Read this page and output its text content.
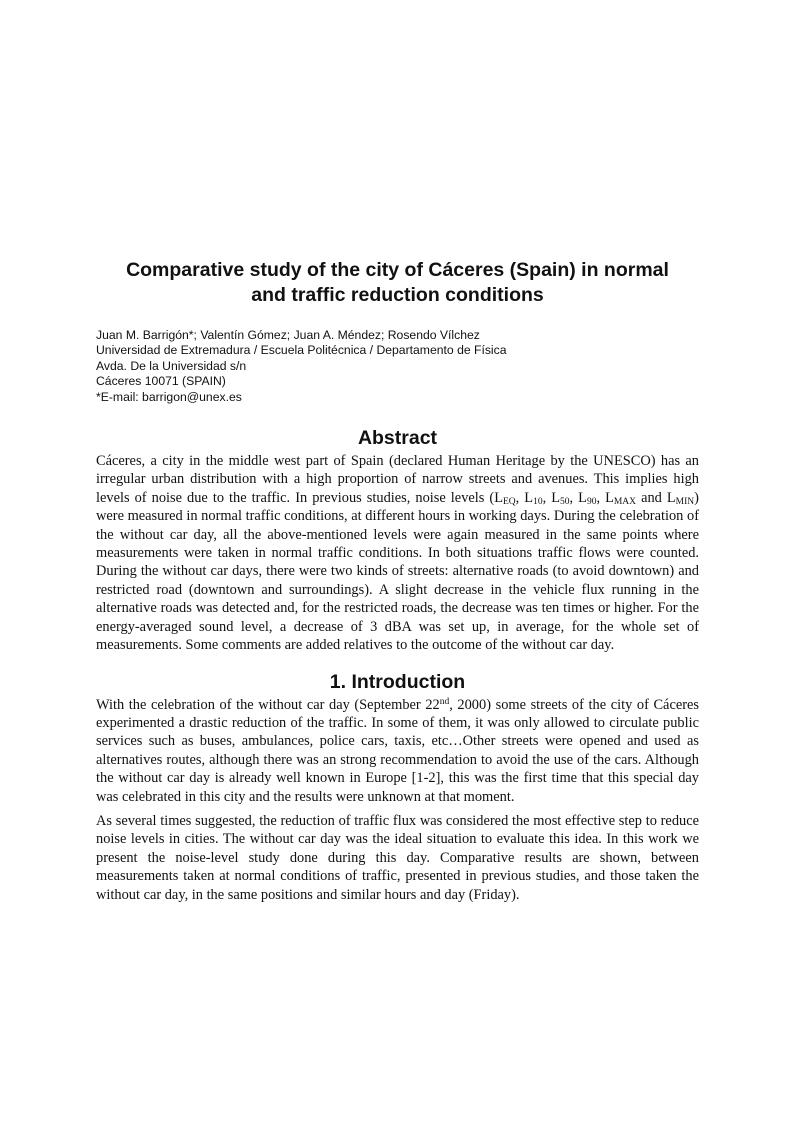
Comparative study of the city of Cáceres (Spain) in normal
and traffic reduction conditions
Juan M. Barrigón*; Valentín Gómez; Juan A. Méndez; Rosendo Vílchez
Universidad de Extremadura / Escuela Politécnica / Departamento de Física
Avda. De la Universidad s/n
Cáceres 10071 (SPAIN)
*E-mail: barrigon@unex.es
Abstract

Cáceres, a city in the middle west part of Spain (declared Human Heritage by the UNESCO) has an irregular urban distribution with a high proportion of narrow streets and avenues. This implies high levels of noise due to the traffic. In previous studies, noise levels ($L_{EQ}$, $L_{10}$, $L_{50}$, $L_{90}$, $L_{MAX}$ and $L_{MIN}$) were measured in normal traffic conditions, at different hours in working days. During the celebration of the without car day, all the above-mentioned levels were again measured in the same points where measurements were taken in normal traffic conditions. In both situations traffic flows were counted. During the without car days, there were two kinds of streets: alternative roads (to avoid downtown) and restricted road (downtown and surroundings). A slight decrease in the vehicle flux running in the alternative roads was detected and, for the restricted roads, the decrease was ten times or higher. For the energy-averaged sound level, a decrease of 3 dBA was set up, in average, for the whole set of measurements. Some comments are added relatives to the outcome of the without car day.

1. Introduction

With the celebration of the without car day (September 22nd, 2000) some streets of the city of Cáceres experimented a drastic reduction of the traffic. In some of them, it was only allowed to circulate public services such as buses, ambulances, police cars, taxis, etc…Other streets were opened and used as alternatives routes, although there was an strong recommendation to avoid the use of the cars. Although the without car day is already well known in Europe [1-2], this was the first time that this special day was celebrated in this city and the results were unknown at that moment.

As several times suggested, the reduction of traffic flux was considered the most effective step to reduce noise levels in cities. The without car day was the ideal situation to evaluate this idea. In this work we present the noise-level study done during this day. Comparative results are shown, between measurements taken at normal conditions of traffic, presented in previous studies, and those taken the without car day, in the same positions and similar hours and day (Friday).
